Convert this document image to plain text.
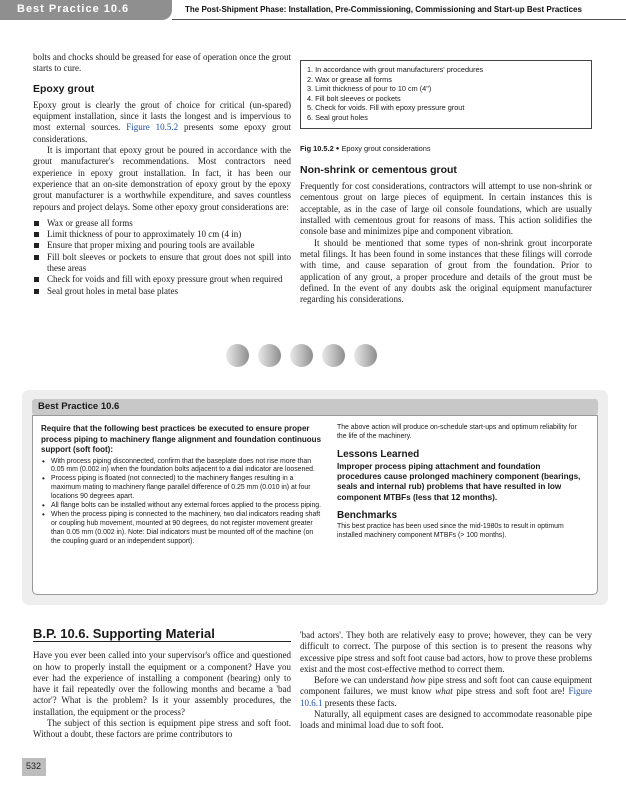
Best Practice 10.6	The Post-Shipment Phase: Installation, Pre-Commissioning, Commissioning and Start-up Best Practices

bolts and chocks should be greased for ease of operation once the grout starts to cure.

Epoxy grout

Epoxy grout is clearly the grout of choice for critical (un-spared) equipment installation, since it lasts the longest and is impervious to most external sources. Figure 10.5.2 presents some epoxy grout considerations.

It is important that epoxy grout be poured in accordance with the grout manufacturer's recommendations. Most contractors need experience in epoxy grout installation. In fact, it has been our experience that an on-site demonstration of epoxy grout by the epoxy grout manufacturer is a worthwhile expenditure, and saves countless repours and project delays. Some other epoxy grout considerations are:

Wax or grease all forms
Limit thickness of pour to approximately 10 cm (4 in)
Ensure that proper mixing and pouring tools are available
Fill bolt sleeves or pockets to ensure that grout does not spill into these areas
Check for voids and fill with epoxy pressure grout when required
Seal grout holes in metal base plates
1. In accordance with grout manufacturers' procedures
2. Wax or grease all forms
3. Limit thickness of pour to 10 cm (4")
4. Fill bolt sleeves or pockets
5. Check for voids. Fill with epoxy pressure grout
6. Seal grout holes
Fig 10.5.2 ● Epoxy grout considerations
Non-shrink or cementous grout

Frequently for cost considerations, contractors will attempt to use non-shrink or cementous grout on large pieces of equipment. In certain instances this is acceptable, as in the case of large oil console foundations, which are usually installed with cementous grout for reasons of mass. This action solidifies the console base and minimizes pipe and component vibration.

It should be mentioned that some types of non-shrink grout incorporate metal filings. It has been found in some instances that these filings will corrode with time, and cause separation of grout from the foundation. Prior to application of any grout, a proper procedure and details of the grout must be defined. In the event of any doubts ask the original equipment manufacturer regarding his considerations.

Best Practice 10.6
Require that the following best practices be executed to ensure proper process piping to machinery flange alignment and foundation continuous support (soft foot):
• With process piping disconnected, confirm that the baseplate does not rise more than 0.05 mm (0.002 in) when the foundation bolts adjacent to a dial indicator are loosened.
• Process piping is floated (not connected) to the machinery flanges resulting in a maximum mating to machinery flange parallel difference of 0.25 mm (0.010 in) at four locations 90 degrees apart.
• All flange bolts can be installed without any external forces applied to the process piping.
• When the process piping is connected to the machinery, two dial indicators reading shaft or coupling hub movement, mounted at 90 degrees, do not register movement greater than 0.05 mm (0.002 in). Note: Dial indicators must be mounted off of the machine (on the coupling guard or an independent support).
The above action will produce on-schedule start-ups and optimum reliability for the life of the machinery.
Lessons Learned
Improper process piping attachment and foundation procedures cause prolonged machinery component (bearings, seals and internal rub) problems that have resulted in low component MTBFs (less that 12 months).
Benchmarks
This best practice has been used since the mid-1980s to result in optimum installed machinery component MTBFs (> 100 months).
B.P. 10.6. Supporting Material

Have you ever been called into your supervisor's office and questioned on how to properly install the equipment or a component? Have you ever had the experience of installing a component (bearing) only to have it fail repeatedly over the following months and became a 'bad actor'? What is the problem? Is it your assembly procedures, the installation, the equipment or the process?

The subject of this section is equipment pipe stress and soft foot. Without a doubt, these factors are prime contributors to

'bad actors'. They both are relatively easy to prove; however, they can be very difficult to correct. The purpose of this section is to present the reasons why excessive pipe stress and soft foot cause bad actors, how to prove these problems exist and the most cost-effective method to correct them.

Before we can understand how pipe stress and soft foot can cause equipment component failures, we must know what pipe stress and soft foot are! Figure 10.6.1 presents these facts.

Naturally, all equipment cases are designed to accommodate reasonable pipe loads and minimal load due to soft foot.

532
